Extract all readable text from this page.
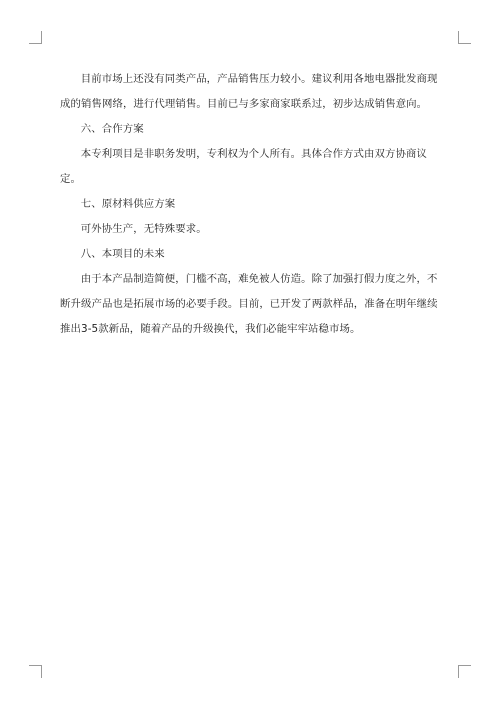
目前市场上还没有同类产品，产品销售压力较小。建议利用各地电器批发商现成的销售网络，进行代理销售。目前已与多家商家联系过，初步达成销售意向。

六、合作方案

本专利项目是非职务发明，专利权为个人所有。具体合作方式由双方协商议定。

七、原材料供应方案

可外协生产，无特殊要求。

八、本项目的未来

由于本产品制造简便，门槛不高，难免被人仿造。除了加强打假力度之外，不断升级产品也是拓展市场的必要手段。目前，已开发了两款样品，准备在明年继续推出3-5款新品，随着产品的升级换代，我们必能牢牢站稳市场。
